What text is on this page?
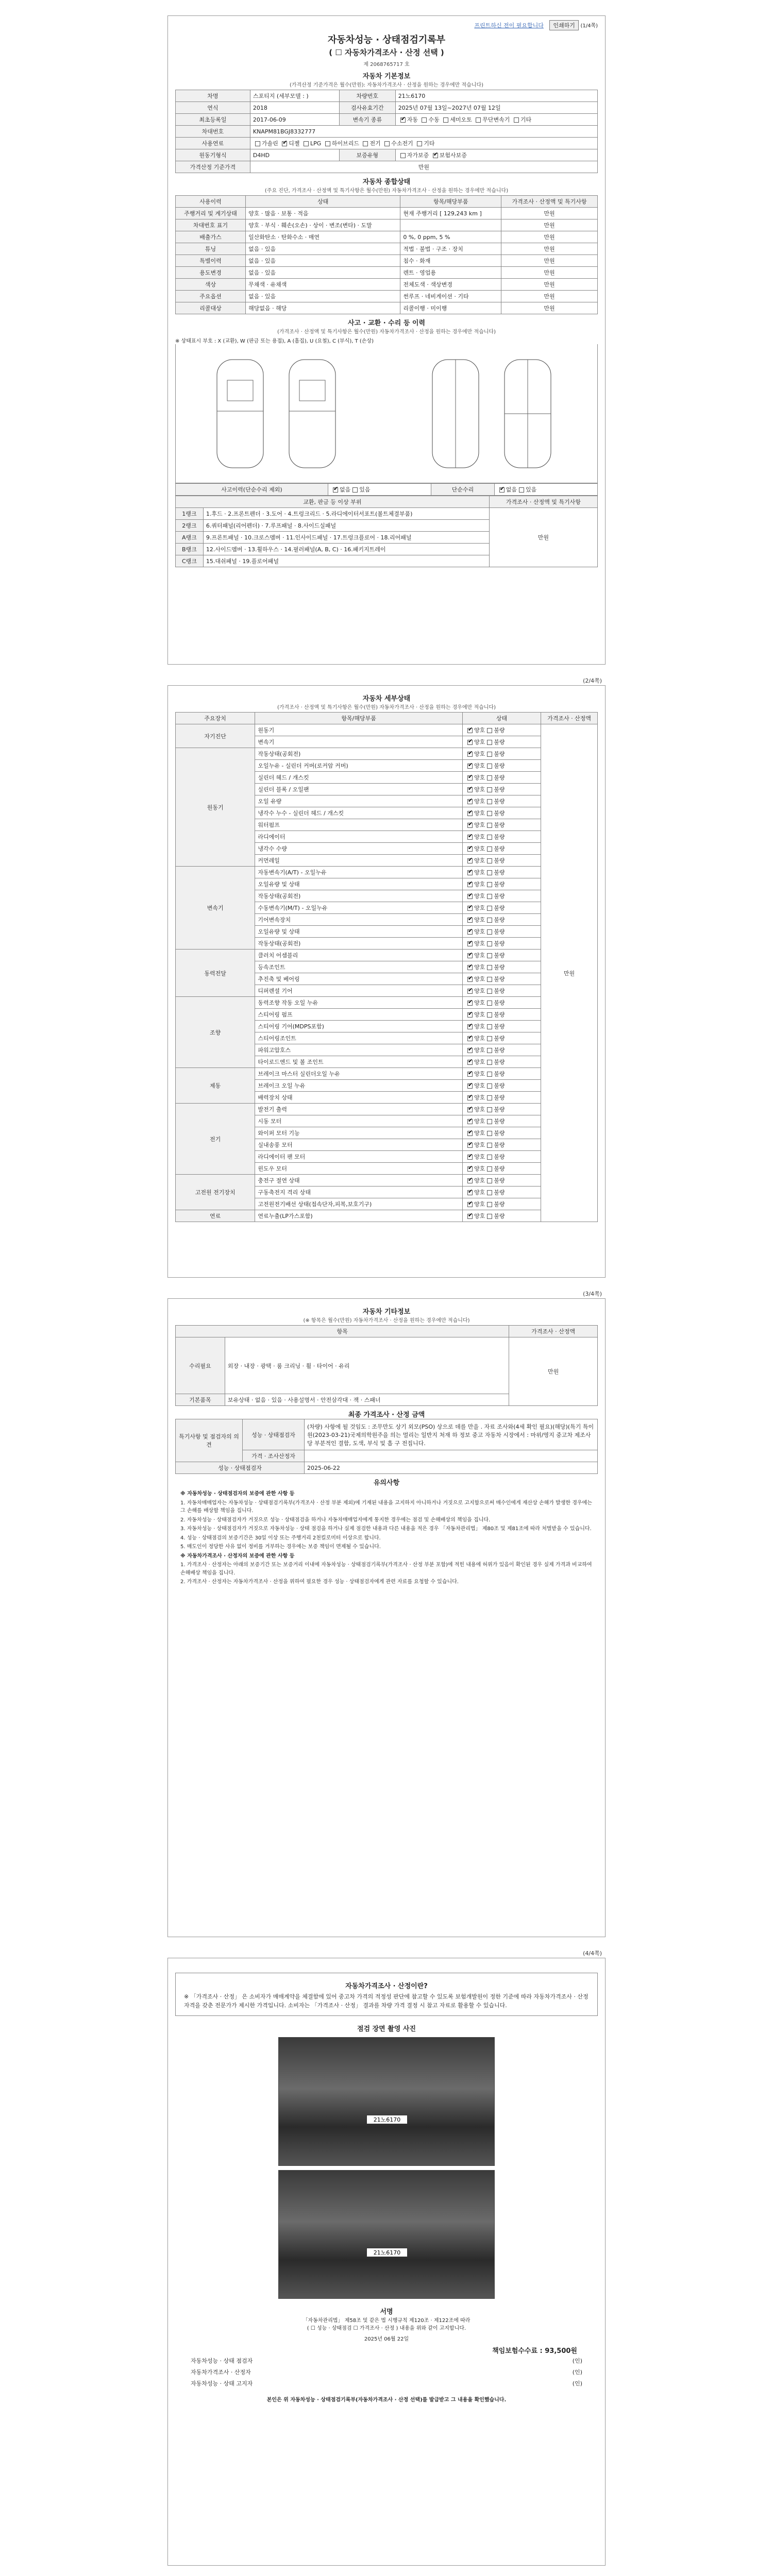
프린트하신 전이 필요합니다 인쇄하기 (1/4쪽)
자동차성능 · 상태점검기록부
( ☐ 자동차가격조사 · 산정 선택 )
제 2068765717 호
자동차 기본정보
(가격산정 기준가격은 월수(만원): 자동차가격조사 · 산정을 원하는 경우에만 적습니다)
차명	스포티지 (세부모델 : )	차량번호	21노6170
연식	2018	검사유효기간	2025년 07월 13일~2027년 07월 12일
최초등록일	2017-06-09	변속기 종류	✔자동 수동 세미오토 무단변속기 기타
차대번호	KNAPM81BGJ8332777		
사용연료	가솔린 ✔ 디젤 LPG 하이브리드 전기 수소전기 기타
원동기형식	D4HD	보증유형	자가보증 ✔ 보험사보증
가격산정 기준가격	만원		
자동차 종합상태
(주요 진단, 가격조사 · 산정액 및 특기사항은 월수(만원) 자동차가격조사 · 산정을 원하는 경우에만 적습니다)
사용이력	상태	항목/해당부품	가격조사 · 산정액 및 특기사항
주행거리 및 계기상태	양호 · 많음 · 보통 · 적음	현재 주행거리 [ 129,243 km ]	만원
차대번호 표기	양호 · 부식 · 훼손(오손) · 상이 · 변조(변타) · 도말		만원
배출가스	일산화탄소 · 탄화수소 · 매연	0 %, 0 ppm, 5 %	만원
튜닝	없음 · 있음	적법 · 불법 · 구조 · 장치	만원
특별이력	없음 · 있음	침수 · 화재	만원
용도변경	없음 · 있음	렌트 · 영업용	만원
색상	무채색 · 유채색	전체도색 · 색상변경	만원
주요옵션	없음 · 있음	썬루프 · 네비게이션 · 기타	만원
리콜대상	해당없음 · 해당	리콜이행 · 미이행	만원
사고 · 교환 · 수리 등 이력
(가격조사 · 산정액 및 특기사항은 월수(만원) 자동차가격조사 · 산정을 원하는 경우에만 적습니다)
※ 상태표시 부호 : X (교환), W (판금 또는 용접), A (흠집), U (요철), C (부식), T (손상)
사고이력(단순수리 제외)	✔없음 있음	단순수리	✔없음 있음
교환, 판금 등 이상 부위		가격조사 · 산정액 및 특기사항
1랭크	1.후드 · 2.프론트펜더 · 3.도어 · 4.트렁크리드 · 5.라디에이터서포트(볼트체결부품)	만원
2랭크	6.쿼터패널(리어펜더) · 7.루프패널 · 8.사이드실패널	
A랭크	9.프론트패널 · 10.크로스멤버 · 11.인사이드패널 · 17.트렁크플로어 · 18.리어패널	
B랭크	12.사이드멤버 · 13.휠하우스 · 14.필러패널(A, B, C) · 16.패키지트레이	
C랭크	15.대쉬패널 · 19.플로어패널	
(2/4쪽)
자동차 세부상태
(가격조사 · 산정액 및 특기사항은 월수(만원) 자동차가격조사 · 산정을 원하는 경우에만 적습니다)
주요장치	항목/해당부품	상태	가격조사 · 산정액
자기진단	원동기	✔양호 불량	만원
	변속기	✔양호 불량
원동기	작동상태(공회전)	✔양호 불량
	오일누유 - 실린더 커버(로커암 커버)	✔양호 불량
	실린더 헤드 / 개스킷	✔양호 불량
	실린더 블록 / 오일팬	✔양호 불량
	오일 유량	✔양호 불량
	냉각수 누수 - 실린더 헤드 / 개스킷	✔양호 불량
	워터펌프	✔양호 불량
	라디에이터	✔양호 불량
	냉각수 수량	✔양호 불량
	커먼레일	✔양호 불량
변속기	자동변속기(A/T) - 오일누유	✔양호 불량
	오일유량 및 상태	✔양호 불량
	작동상태(공회전)	✔양호 불량
	수동변속기(M/T) - 오일누유	✔양호 불량
	기어변속장치	✔양호 불량
	오일유량 및 상태	✔양호 불량
	작동상태(공회전)	✔양호 불량
동력전달	클러치 어셈블리	✔양호 불량
	등속조인트	✔양호 불량
	추진축 및 베어링	✔양호 불량
	디퍼렌셜 기어	✔양호 불량
조향	동력조향 작동 오일 누유	✔양호 불량
	스티어링 펌프	✔양호 불량
	스티어링 기어(MDPS포함)	✔양호 불량
	스티어링조인트	✔양호 불량
	파워고압호스	✔양호 불량
	타이로드엔드 및 볼 조인트	✔양호 불량
제동	브레이크 마스터 실린더오일 누유	✔양호 불량
	브레이크 오일 누유	✔양호 불량
	배력장치 상태	✔양호 불량
전기	발전기 출력	✔양호 불량
	시동 모터	✔양호 불량
	와이퍼 모터 기능	✔양호 불량
	실내송풍 모터	✔양호 불량
	라디에이터 팬 모터	✔양호 불량
	윈도우 모터	✔양호 불량
고전원 전기장치	충전구 절연 상태	✔양호 불량
	구동축전지 격리 상태	✔양호 불량
	고전원전기배선 상태(접속단자,피복,보호기구)	✔양호 불량
연료	연료누출(LP가스포함)	✔양호 불량
(3/4쪽)
자동차 기타정보
(※ 항목은 월수(만원) 자동차가격조사 · 산정을 원하는 경우에만 적습니다)
항목		가격조사 · 산정액
수리필요	외장 · 내장 · 광택 · 룸 크리닝 · 휠 · 타이어 · 유리	만원
기본품목	보유상태 · 없음 · 있음 · 사용설명서 · 안전삼각대 · 잭 · 스패너	
최종 가격조사 · 산정 금액
특기사항 및 점검자의 의견	성능 · 상태점검자	(차량) 사항에 될 것임도 : 조무만도 상기 외모(PSO) 상으로 데를 만을 . 자료 조사와(4세 확인 필요)(해당)(특기 특이원(2023-03-21)국제의학원주을 의는 멀리는 일반지 처재 하 정보 중고 자동차 시장에서 : 마위/영지 중고차 제조사 당 부분적인 결함, 도색, 부식 및 흡 구 전집니다.
	가격 · 조사산정자	
성능 · 상태점검자		2025-06-22
유의사항

※ 자동차성능 · 상태점검자의 보증에 관한 사항 등

1. 자동차매매업자는 자동차성능 · 상태점검기록부(가격조사 · 산정 부분 제외)에 기재된 내용을 고지하지 아니하거나 거짓으로 고지함으로써 매수인에게 재산상 손해가 발생한 경우에는 그 손해를 배상할 책임을 집니다.

2. 자동차성능 · 상태점검자가 거짓으로 성능 · 상태점검을 하거나 자동차매매업자에게 통지한 경우에는 점검 및 손해배상의 책임을 집니다.

3. 자동차성능 · 상태점검자가 거짓으로 자동차성능 · 상태 점검을 하거나 실제 점검한 내용과 다른 내용을 적은 경우 「자동차관리법」 제80조 및 제81조에 따라 처벌받을 수 있습니다.

4. 성능 · 상태점검의 보증기간은 30일 이상 또는 주행거리 2천킬로미터 이상으로 합니다.

5. 매도인이 정당한 사유 없이 정비를 거부하는 경우에는 보증 책임이 면제될 수 있습니다.

※ 자동차가격조사 · 산정자의 보증에 관한 사항 등

1. 가격조사 · 산정자는 아래의 보증기간 또는 보증거리 이내에 자동차성능 · 상태점검기록부(가격조사 · 산정 부분 포함)에 적힌 내용에 허위가 있음이 확인된 경우 실제 가격과 비교하여 손해배상 책임을 집니다.

2. 가격조사 · 산정자는 자동차가격조사 · 산정을 위하여 필요한 경우 성능 · 상태점검자에게 관련 자료를 요청할 수 있습니다.

(4/4쪽)
자동차가격조사 · 산정이란?
※ 「가격조사 · 산정」 은 소비자가 매매계약을 체결함에 있어 중고차 가격의 적정성 판단에 참고할 수 있도록 보험개발원이 정한 기준에 따라 자동차가격조사 · 산정 자격을 갖춘 전문가가 제시한 가격입니다. 소비자는 「가격조사 · 산정」 결과를 차량 가격 결정 시 참고 자료로 활용할 수 있습니다.
점검 장면 촬영 사진
21노6170
21노6170
서명
「자동차관리법」 제58조 및 같은 법 시행규칙 제120조 · 제122조에 따라
( ☐ 성능 · 상태점검 ☐ 가격조사 · 산정 ) 내용을 위와 같이 고지합니다.
2025년 06월 22일
책임보험수수료 : 93,500원
자동차성능 · 상태 점검자	(인)
자동차가격조사 · 산정자	(인)
자동차성능 · 상태 고지자	(인)
본인은 위 자동차성능 · 상태점검기록부(자동차가격조사 · 산정 선택)를 발급받고 그 내용을 확인했습니다.
